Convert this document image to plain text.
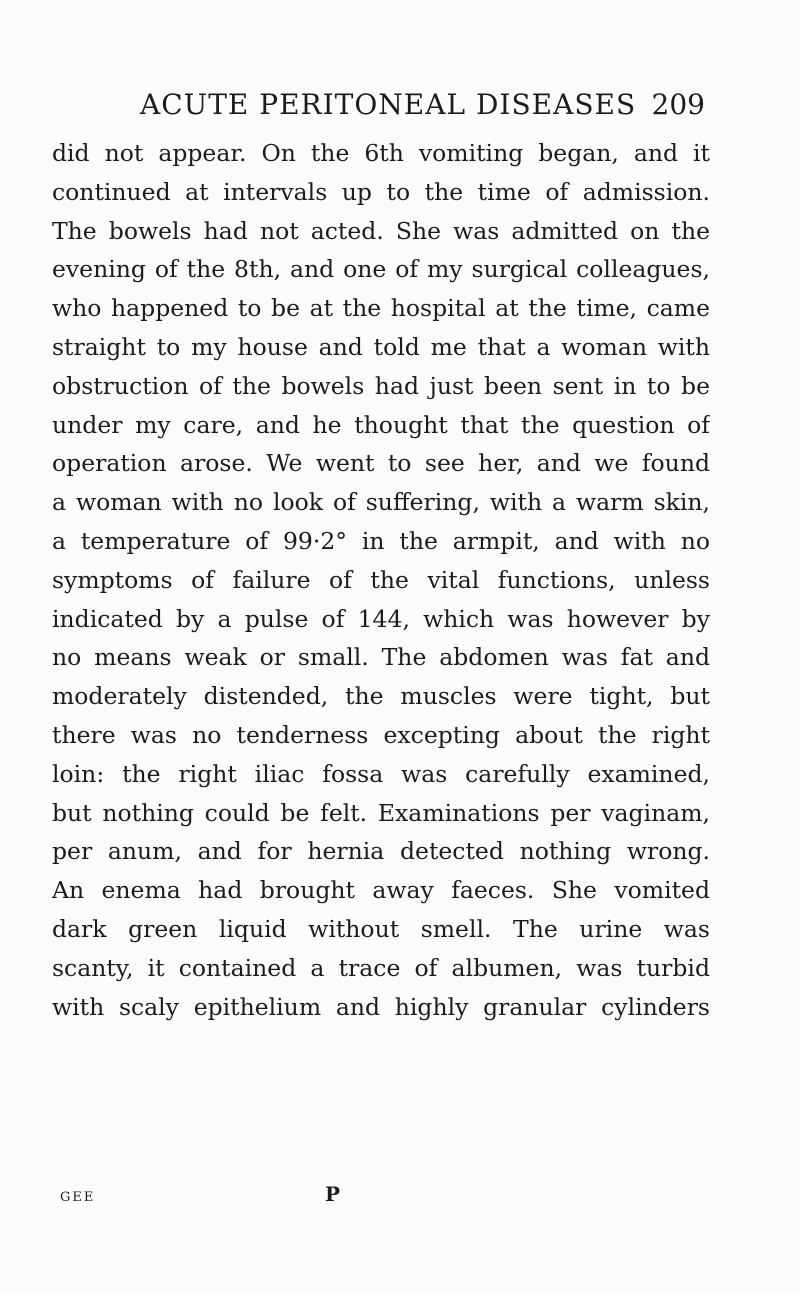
ACUTE PERITONEAL DISEASES 209
did not appear. On the 6th vomiting began, and it
continued at intervals up to the time of admission.
The bowels had not acted. She was admitted on the
evening of the 8th, and one of my surgical colleagues,
who happened to be at the hospital at the time, came
straight to my house and told me that a woman with
obstruction of the bowels had just been sent in to be
under my care, and he thought that the question of
operation arose. We went to see her, and we found
a woman with no look of suffering, with a warm skin,
a temperature of 99·2° in the armpit, and with no
symptoms of failure of the vital functions, unless
indicated by a pulse of 144, which was however by
no means weak or small. The abdomen was fat and
moderately distended, the muscles were tight, but
there was no tenderness excepting about the right
loin: the right iliac fossa was carefully examined,
but nothing could be felt. Examinations per vaginam,
per anum, and for hernia detected nothing wrong.
An enema had brought away faeces. She vomited
dark green liquid without smell. The urine was
scanty, it contained a trace of albumen, was turbid
with scaly epithelium and highly granular cylinders
GEE	P
